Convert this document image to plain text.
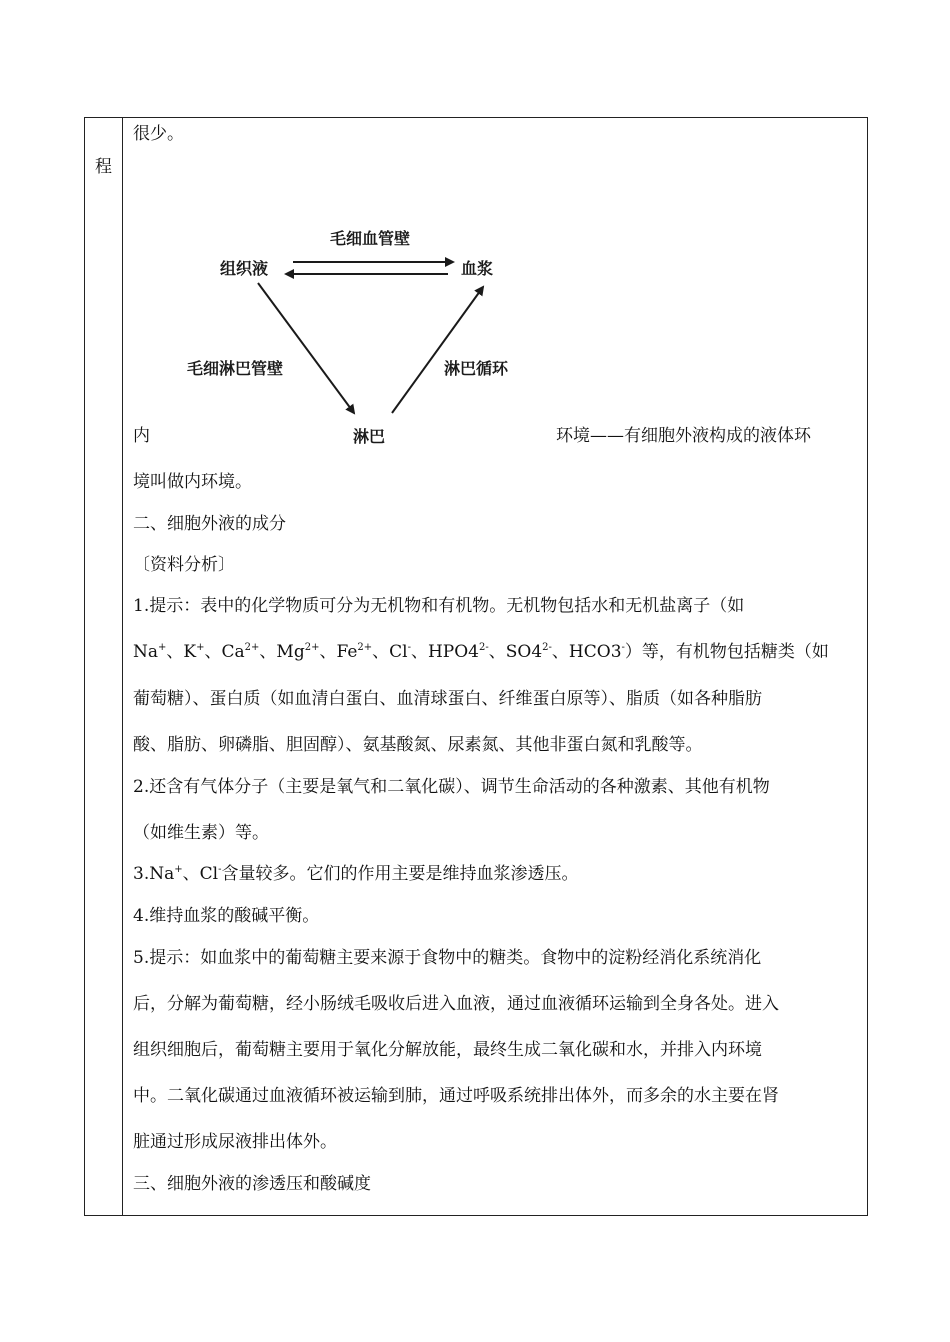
程
很少。
内	环境——有细胞外液构成的液体环
境叫做内环境。
二、细胞外液的成分
〔资料分析〕
1.提示：表中的化学物质可分为无机物和有机物。无机物包括水和无机盐离子（如
Na+、K+、$Ca^{2+}$、$Mg^{2+}$、$Fe^{2+}$、Cl-、$HPO4^{2-}$、$SO4^{2-}$、HCO3-）等，有机物包括糖类（如
葡萄糖）、蛋白质（如血清白蛋白、血清球蛋白、纤维蛋白原等）、脂质（如各种脂肪
酸、脂肪、卵磷脂、胆固醇）、氨基酸氮、尿素氮、其他非蛋白氮和乳酸等。
2.还含有气体分子（主要是氧气和二氧化碳）、调节生命活动的各种激素、其他有机物
（如维生素）等。
3.Na+、Cl-含量较多。它们的作用主要是维持血浆渗透压。
4.维持血浆的酸碱平衡。
5.提示：如血浆中的葡萄糖主要来源于食物中的糖类。食物中的淀粉经消化系统消化
后，分解为葡萄糖，经小肠绒毛吸收后进入血液，通过血液循环运输到全身各处。进入
组织细胞后，葡萄糖主要用于氧化分解放能，最终生成二氧化碳和水，并排入内环境
中。二氧化碳通过血液循环被运输到肺，通过呼吸系统排出体外，而多余的水主要在肾
脏通过形成尿液排出体外。
三、细胞外液的渗透压和酸碱度
毛细血管壁
组织液	血浆
毛细淋巴管壁	淋巴循环
淋巴
